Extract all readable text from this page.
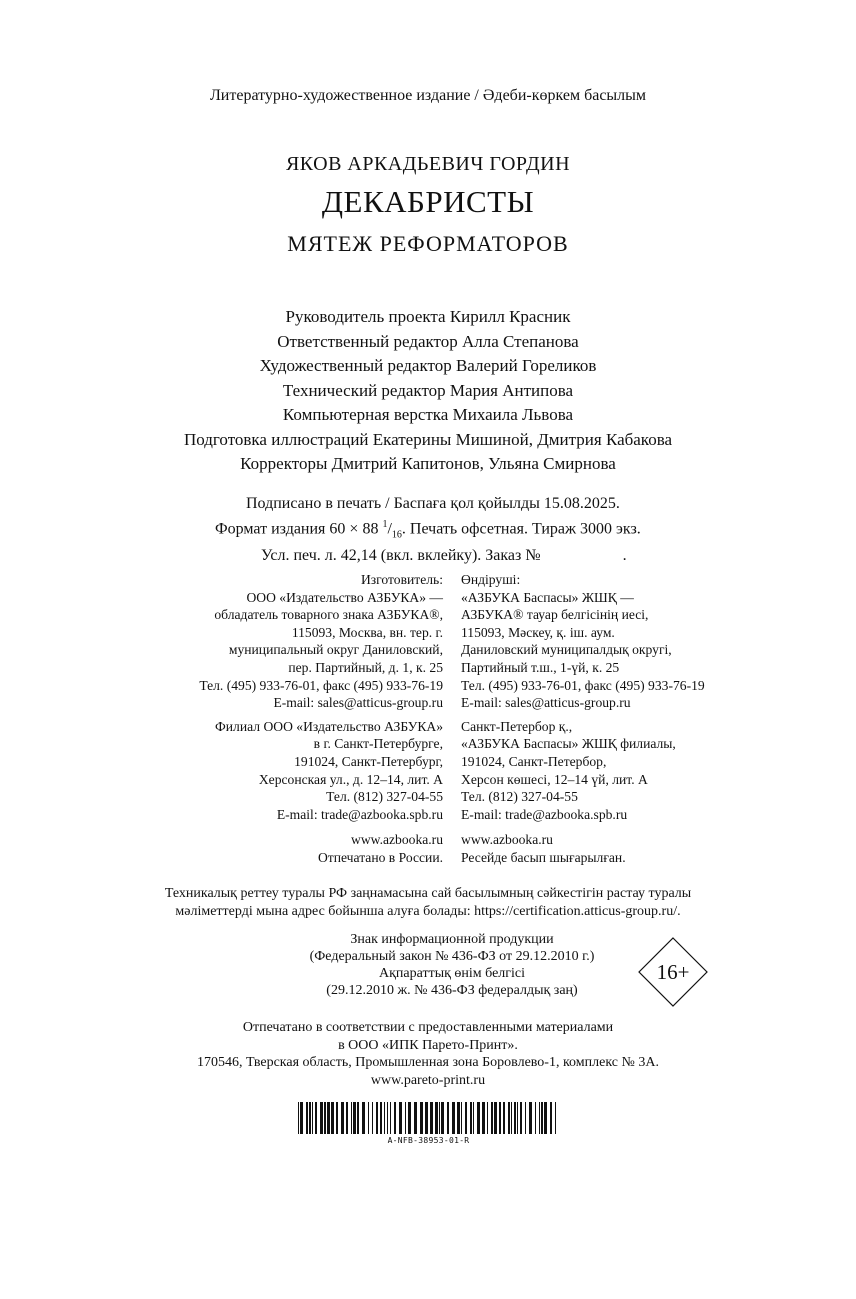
Литературно-художественное издание / Әдеби-көркем басылым
ЯКОВ АРКАДЬЕВИЧ ГОРДИН
ДЕКАБРИСТЫ
МЯТЕЖ РЕФОРМАТОРОВ
Руководитель проекта Кирилл Красник
Ответственный редактор Алла Степанова
Художественный редактор Валерий Гореликов
Технический редактор Мария Антипова
Компьютерная верстка Михаила Львова
Подготовка иллюстраций Екатерины Мишиной, Дмитрия Кабакова
Корректоры Дмитрий Капитонов, Ульяна Смирнова
Подписано в печать / Баспаға қол қойылды 15.08.2025.
Формат издания 60 × 88 $^1/_{16}$. Печать офсетная. Тираж 3000 экз.
Усл. печ. л. 42,14 (вкл. вклейку). Заказ №	.
Изготовитель:
ООО «Издательство АЗБУКА» —
обладатель товарного знака АЗБУКА®,
115093, Москва, вн. тер. г.
муниципальный округ Даниловский,
пер. Партийный, д. 1, к. 25
Тел. (495) 933-76-01, факс (495) 933-76-19
E-mail: sales@atticus-group.ru
Филиал ООО «Издательство АЗБУКА»
в г. Санкт-Петербурге,
191024, Санкт-Петербург,
Херсонская ул., д. 12–14, лит. А
Тел. (812) 327-04-55
E-mail: trade@azbooka.spb.ru
www.azbooka.ru
Отпечатано в России.
Өндіруші:
«АЗБУКА Баспасы» ЖШҚ —
АЗБУКА® тауар белгісінің иесі,
115093, Мәскеу, қ. іш. аум.
Даниловский муниципалдық округі,
Партийный т.ш., 1-үй, к. 25
Тел. (495) 933-76-01, факс (495) 933-76-19
E-mail: sales@atticus-group.ru
Санкт-Петербор қ.,
«АЗБУКА Баспасы» ЖШҚ филиалы,
191024, Санкт-Петербор,
Херсон көшесі, 12–14 үй, лит. А
Тел. (812) 327-04-55
E-mail: trade@azbooka.spb.ru
www.azbooka.ru
Ресейде басып шығарылған.
Техникалық реттеу туралы РФ заңнамасына сай басылымның сәйкестігін растау туралы
мәліметтерді мына адрес бойынша алуға болады: https://certification.atticus-group.ru/.
Знак информационной продукции
(Федеральный закон № 436-ФЗ от 29.12.2010 г.)
Ақпараттық өнім белгісі
(29.12.2010 ж. № 436-ФЗ федералдық заң)
16+
Отпечатано в соответствии с предоставленными материалами
в ООО «ИПК Парето-Принт».
170546, Тверская область, Промышленная зона Боровлево-1, комплекс № 3А.
www.pareto-print.ru
A-NFB-38953-01-R
